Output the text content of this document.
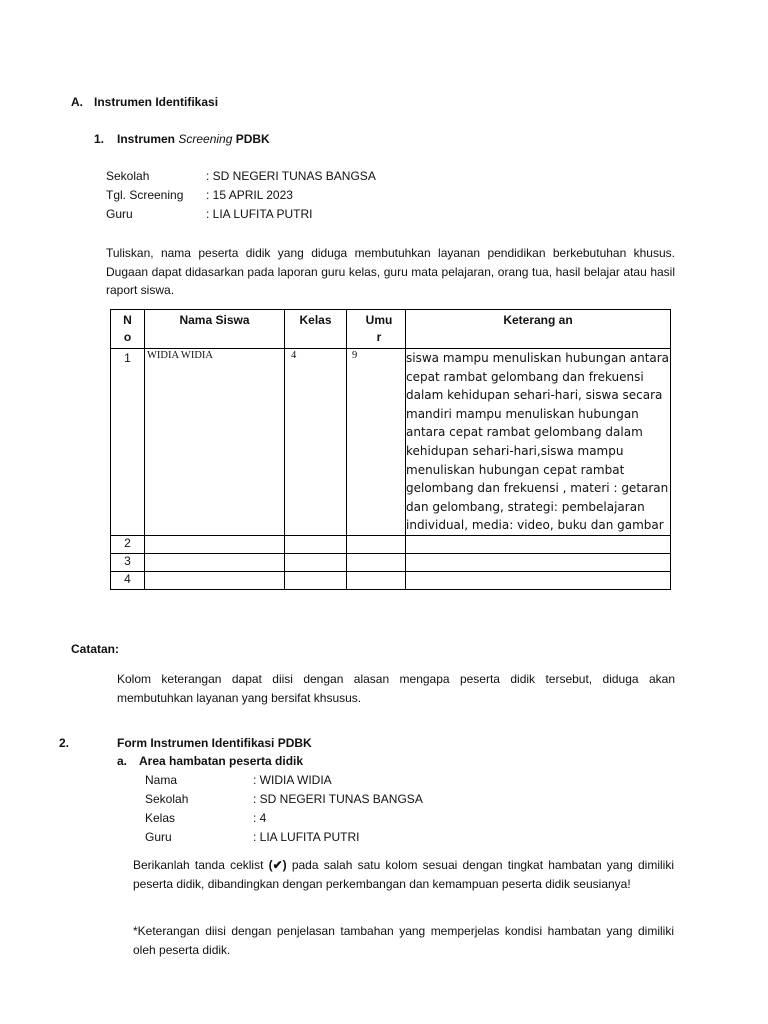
A. Instrumen Identifikasi
1. Instrumen Screening PDBK
Sekolah	: SD NEGERI TUNAS BANGSA
Tgl. Screening : 15 APRIL 2023
Guru	: LIA LUFITA PUTRI
Tuliskan, nama peserta didik yang diduga membutuhkan layanan pendidikan berkebutuhan khusus. Dugaan dapat didasarkan pada laporan guru kelas, guru mata pelajaran, orang tua, hasil belajar atau hasil raport siswa.
N o	Nama Siswa	Kelas	Umu r	Keterang an
1	WIDIA WIDIA	4	9	siswa mampu menuliskan hubungan antara cepat rambat gelombang dan frekuensi dalam kehidupan sehari-hari, siswa secara mandiri mampu menuliskan hubungan antara cepat rambat gelombang dalam kehidupan sehari-hari,siswa mampu menuliskan hubungan cepat rambat gelombang dan frekuensi , materi : getaran dan gelombang, strategi: pembelajaran individual, media: video, buku dan gambar
2				
3				
4				
Catatan:
Kolom keterangan dapat diisi dengan alasan mengapa peserta didik tersebut, diduga akan membutuhkan layanan yang bersifat khsusus.
2.	Form Instrumen Identifikasi PDBK
a. Area hambatan peserta didik
Nama	: WIDIA WIDIA
Sekolah	: SD NEGERI TUNAS BANGSA
Kelas	: 4
Guru	: LIA LUFITA PUTRI
Berikanlah tanda ceklist (✔) pada salah satu kolom sesuai dengan tingkat hambatan yang dimiliki peserta didik, dibandingkan dengan perkembangan dan kemampuan peserta didik seusianya!
*Keterangan diisi dengan penjelasan tambahan yang memperjelas kondisi hambatan yang dimiliki oleh peserta didik.
